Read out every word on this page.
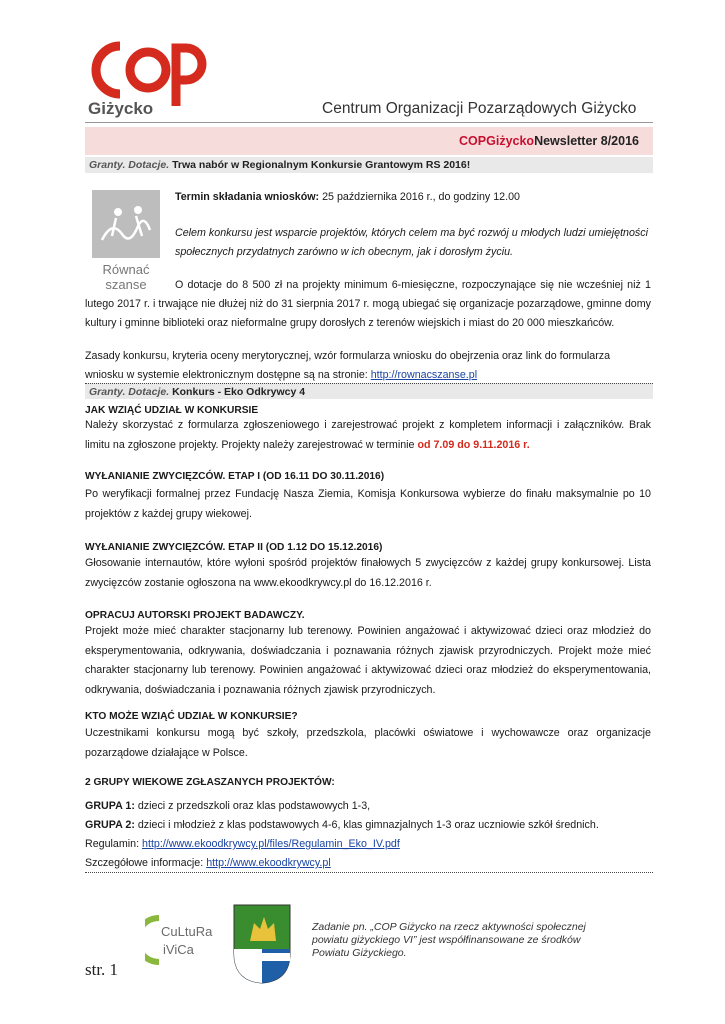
Giżycko	Centrum Organizacji Pozarządowych Giżycko
COPGiżyckoNewsletter 8/2016
Granty. Dotacje. Trwa nabór w Regionalnym Konkursie Grantowym RS 2016!
Równać
szanse
Termin składania wniosków: 25 października 2016 r., do godziny 12.00
Celem konkursu jest wsparcie projektów, których celem ma być rozwój u młodych ludzi umiejętności społecznych przydatnych zarówno w ich obecnym, jak i dorosłym życiu.
O dotacje do 8 500 zł na projekty minimum 6-miesięczne, rozpoczynające się nie wcześniej niż 1 lutego 2017 r. i trwające nie dłużej niż do 31 sierpnia 2017 r. mogą ubiegać się organizacje pozarządowe, gminne domy kultury i gminne biblioteki oraz nieformalne grupy dorosłych z terenów wiejskich i miast do 20 000 mieszkańców.
Zasady konkursu, kryteria oceny merytorycznej, wzór formularza wniosku do obejrzenia oraz link do formularza wniosku w systemie elektronicznym dostępne są na stronie: http://rownacszanse.pl
Granty. Dotacje. Konkurs - Eko Odkrywcy 4
JAK WZIĄĆ UDZIAŁ W KONKURSIE
Należy skorzystać z formularza zgłoszeniowego i zarejestrować projekt z kompletem informacji i załączników. Brak limitu na zgłoszone projekty. Projekty należy zarejestrować w terminie od 7.09 do 9.11.2016 r.
WYŁANIANIE ZWYCIĘZCÓW. ETAP I (OD 16.11 DO 30.11.2016)
Po weryfikacji formalnej przez Fundację Nasza Ziemia, Komisja Konkursowa wybierze do finału maksymalnie po 10 projektów z każdej grupy wiekowej.
WYŁANIANIE ZWYCIĘZCÓW. ETAP II (OD 1.12 DO 15.12.2016)
Głosowanie internautów, które wyłoni spośród projektów finałowych 5 zwycięzców z każdej grupy konkursowej. Lista zwycięzców zostanie ogłoszona na www.ekoodkrywcy.pl do 16.12.2016 r.
OPRACUJ AUTORSKI PROJEKT BADAWCZY.
Projekt może mieć charakter stacjonarny lub terenowy. Powinien angażować i aktywizować dzieci oraz młodzież do eksperymentowania, odkrywania, doświadczania i poznawania różnych zjawisk przyrodniczych. Projekt może mieć charakter stacjonarny lub terenowy. Powinien angażować i aktywizować dzieci oraz młodzież do eksperymentowania, odkrywania, doświadczania i poznawania różnych zjawisk przyrodniczych.
KTO MOŻE WZIĄĆ UDZIAŁ W KONKURSIE?
Uczestnikami konkursu mogą być szkoły, przedszkola, placówki oświatowe i wychowawcze oraz organizacje pozarządowe działające w Polsce.
2 GRUPY WIEKOWE ZGŁASZANYCH PROJEKTÓW:
GRUPA 1: dzieci z przedszkoli oraz klas podstawowych 1-3,
GRUPA 2: dzieci i młodzież z klas podstawowych 4-6, klas gimnazjalnych 1-3 oraz uczniowie szkół średnich.
Regulamin: http://www.ekoodkrywcy.pl/files/Regulamin_Eko_IV.pdf
Szczegółowe informacje: http://www.ekoodkrywcy.pl
CuLtuRa
iViCa
Zadanie pn. „COP Giżycko na rzecz aktywności społecznej powiatu giżyckiego VI” jest współfinansowane ze środków Powiatu Giżyckiego.
str. 1
